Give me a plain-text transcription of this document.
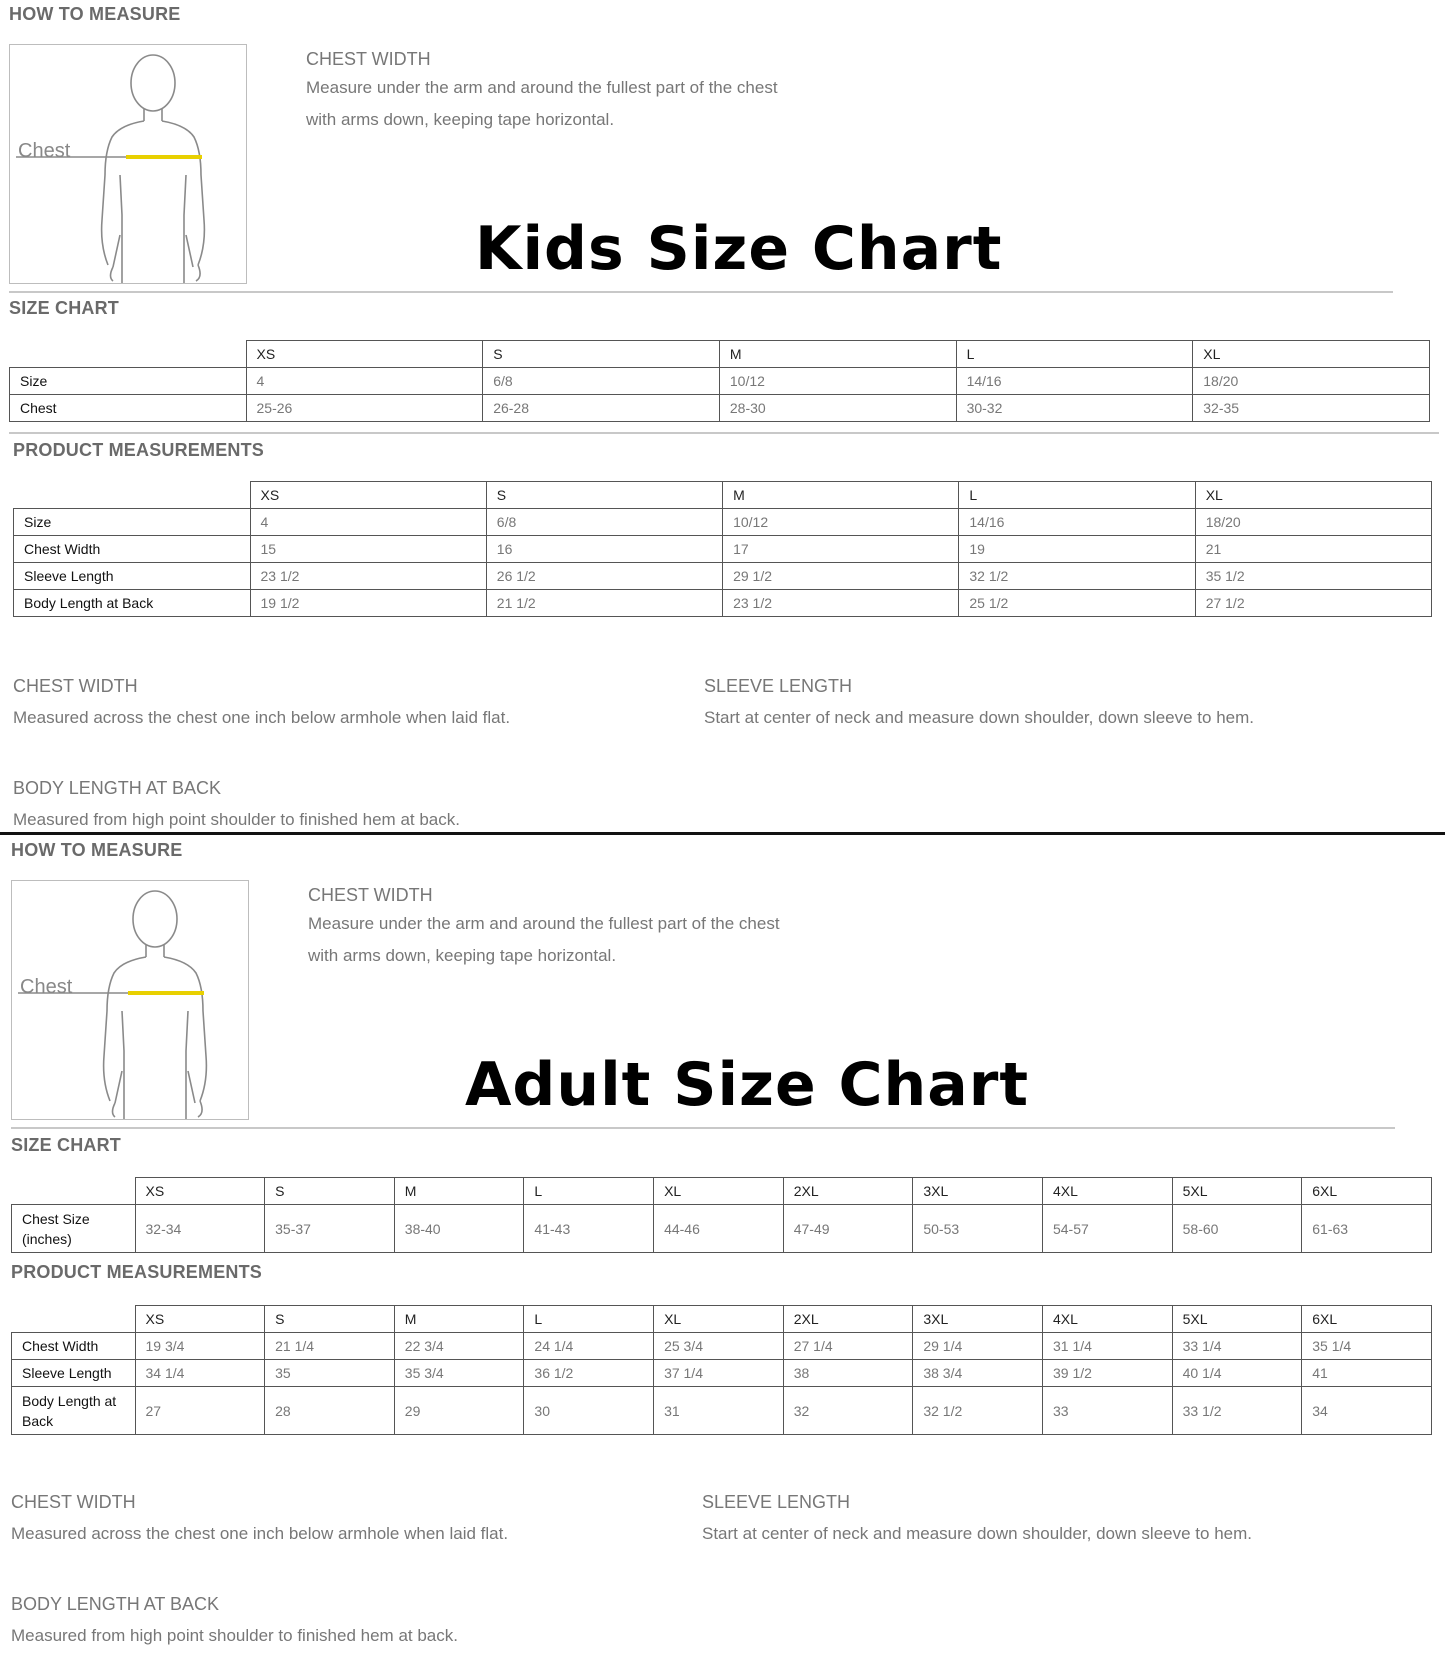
HOW TO MEASURE
Chest
CHEST WIDTH
Measure under the arm and around the fullest part of the chest with arms down, keeping tape horizontal.
Kids Size Chart
SIZE CHART
	XS	S	M	L	XL
Size	4	6/8	10/12	14/16	18/20
Chest	25-26	26-28	28-30	30-32	32-35
PRODUCT MEASUREMENTS
	XS	S	M	L	XL
Size	4	6/8	10/12	14/16	18/20
Chest Width	15	16	17	19	21
Sleeve Length	23 1/2	26 1/2	29 1/2	32 1/2	35 1/2
Body Length at Back	19 1/2	21 1/2	23 1/2	25 1/2	27 1/2
CHEST WIDTH
Measured across the chest one inch below armhole when laid flat.
SLEEVE LENGTH
Start at center of neck and measure down shoulder, down sleeve to hem.
BODY LENGTH AT BACK
Measured from high point shoulder to finished hem at back.
HOW TO MEASURE
Chest
CHEST WIDTH
Measure under the arm and around the fullest part of the chest with arms down, keeping tape horizontal.
Adult Size Chart
SIZE CHART
	XS	S	M	L	XL	2XL	3XL	4XL	5XL	6XL
Chest Size (inches)	32-34	35-37	38-40	41-43	44-46	47-49	50-53	54-57	58-60	61-63
PRODUCT MEASUREMENTS
	XS	S	M	L	XL	2XL	3XL	4XL	5XL	6XL
Chest Width	19 3/4	21 1/4	22 3/4	24 1/4	25 3/4	27 1/4	29 1/4	31 1/4	33 1/4	35 1/4
Sleeve Length	34 1/4	35	35 3/4	36 1/2	37 1/4	38	38 3/4	39 1/2	40 1/4	41
Body Length at Back	27	28	29	30	31	32	32 1/2	33	33 1/2	34
CHEST WIDTH
Measured across the chest one inch below armhole when laid flat.
SLEEVE LENGTH
Start at center of neck and measure down shoulder, down sleeve to hem.
BODY LENGTH AT BACK
Measured from high point shoulder to finished hem at back.
